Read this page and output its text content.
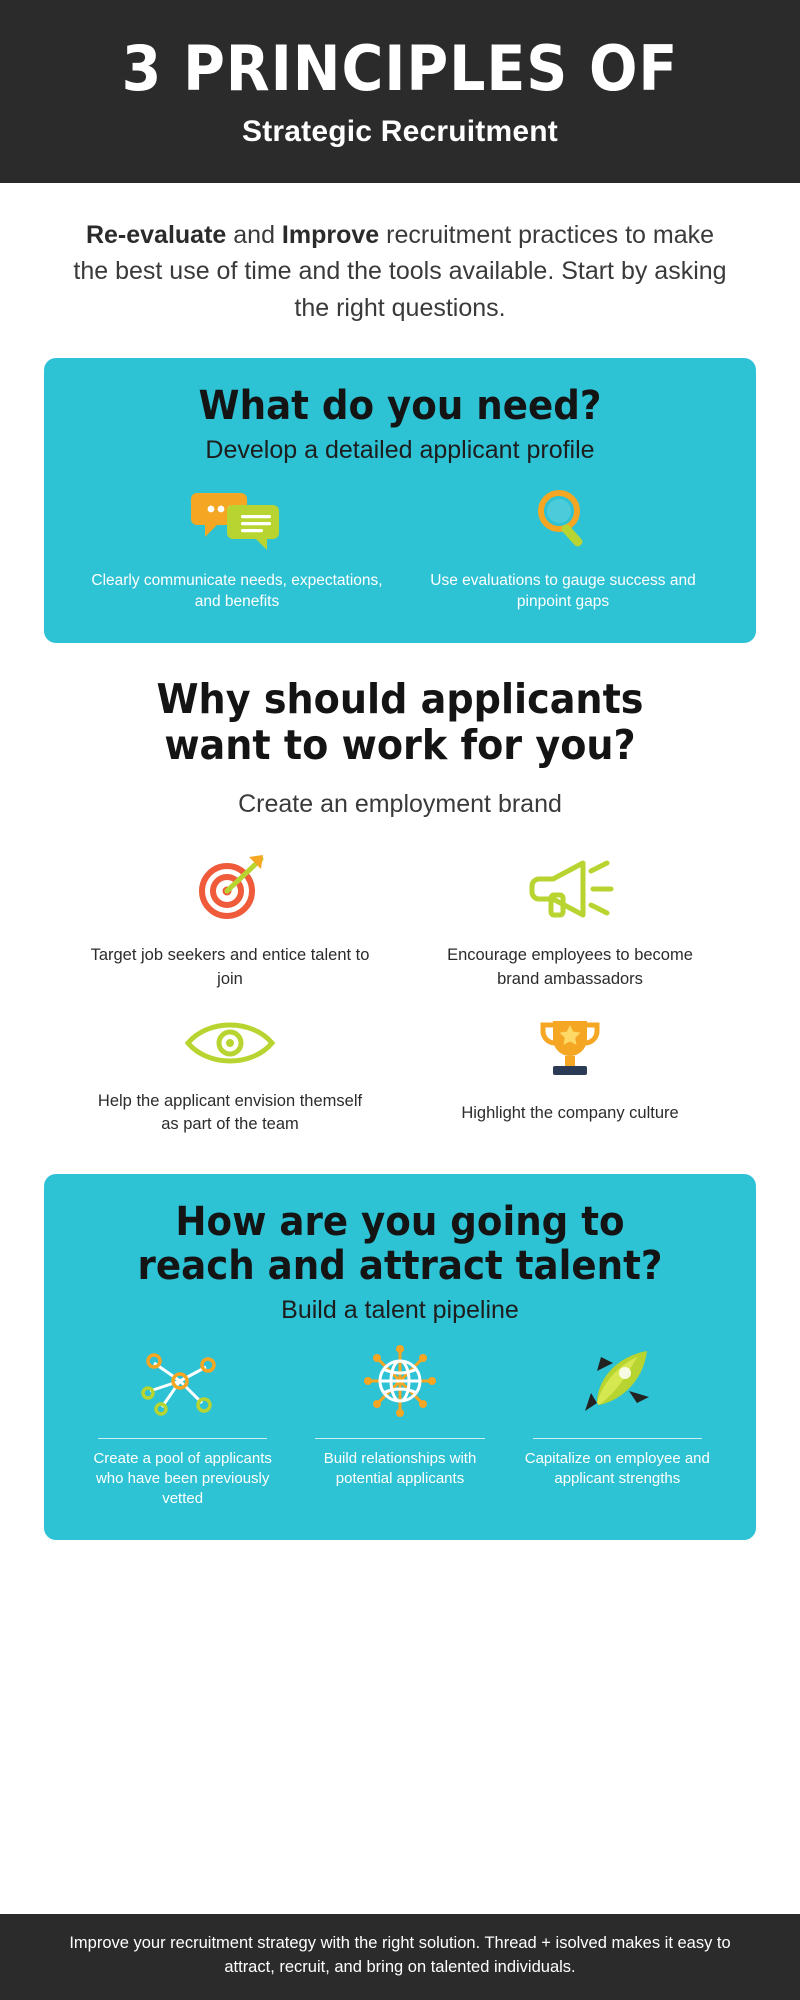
3 PRINCIPLES OF
Strategic Recruitment
Re-evaluate and Improve recruitment practices to make the best use of time and the tools available. Start by asking the right questions.
What do you need?
Develop a detailed applicant profile
Clearly communicate needs, expectations, and benefits
Use evaluations to gauge success and pinpoint gaps
Why should applicants
want to work for you?
Create an employment brand
Target job seekers and entice talent to join
Encourage employees to become brand ambassadors
Help the applicant envision themself as part of the team
Highlight the company culture
How are you going to
reach and attract talent?
Build a talent pipeline
Create a pool of applicants who have been previously vetted
Build relationships with potential applicants
Capitalize on employee and applicant strengths
Improve your recruitment strategy with the right solution. Thread + isolved makes it easy to attract, recruit, and bring on talented individuals.
